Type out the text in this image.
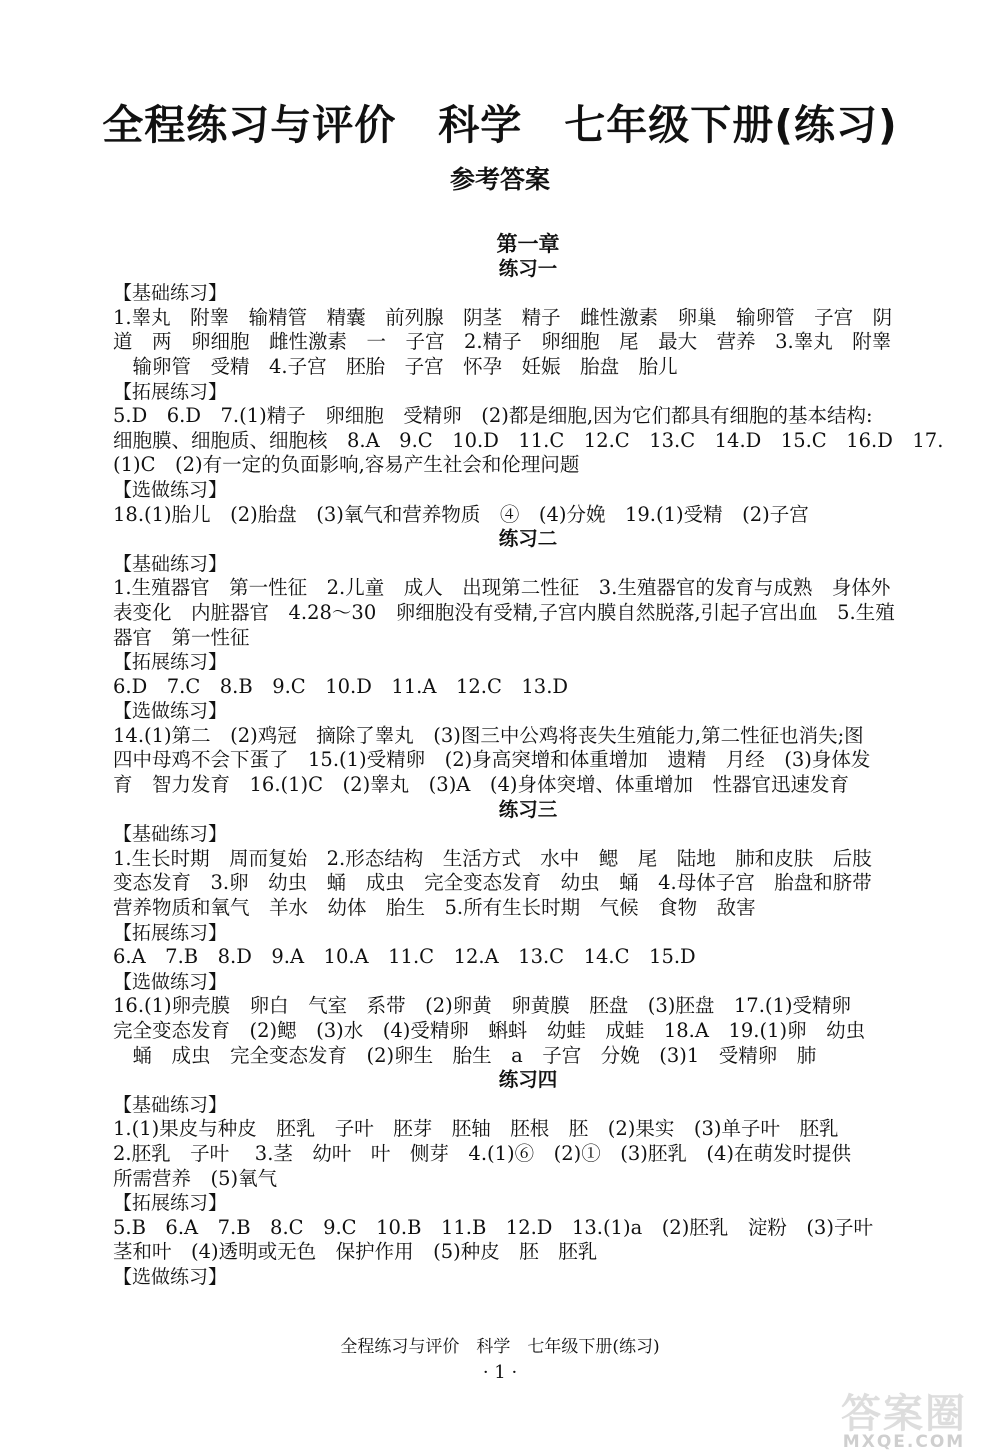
全程练习与评价　科学　七年级下册(练习)
参考答案
第一章
练习一
【基础练习】
1.睾丸　附睾　输精管　精囊　前列腺　阴茎　精子　雌性激素　卵巢　输卵管　子宫　阴
道　两　卵细胞　雌性激素　一　子宫　2.精子　卵细胞　尾　最大　营养　3.睾丸　附睾
　输卵管　受精　4.子宫　胚胎　子宫　怀孕　妊娠　胎盘　胎儿
【拓展练习】
5.D　6.D　7.(1)精子　卵细胞　受精卵　(2)都是细胞,因为它们都具有细胞的基本结构:
细胞膜、细胞质、细胞核　8.A　9.C　10.D　11.C　12.C　13.C　14.D　15.C　16.D　17.
(1)C　(2)有一定的负面影响,容易产生社会和伦理问题
【选做练习】
18.(1)胎儿　(2)胎盘　(3)氧气和营养物质　④　(4)分娩　19.(1)受精　(2)子宫
练习二
【基础练习】
1.生殖器官　第一性征　2.儿童　成人　出现第二性征　3.生殖器官的发育与成熟　身体外
表变化　内脏器官　4.28～30　卵细胞没有受精,子宫内膜自然脱落,引起子宫出血　5.生殖
器官　第一性征
【拓展练习】
6.D　7.C　8.B　9.C　10.D　11.A　12.C　13.D
【选做练习】
14.(1)第二　(2)鸡冠　摘除了睾丸　(3)图三中公鸡将丧失生殖能力,第二性征也消失;图
四中母鸡不会下蛋了　15.(1)受精卵　(2)身高突增和体重增加　遗精　月经　(3)身体发
育　智力发育　16.(1)C　(2)睾丸　(3)A　(4)身体突增、体重增加　性器官迅速发育
练习三
【基础练习】
1.生长时期　周而复始　2.形态结构　生活方式　水中　鳃　尾　陆地　肺和皮肤　后肢
变态发育　3.卵　幼虫　蛹　成虫　完全变态发育　幼虫　蛹　4.母体子宫　胎盘和脐带
营养物质和氧气　羊水　幼体　胎生　5.所有生长时期　气候　食物　敌害
【拓展练习】
6.A　7.B　8.D　9.A　10.A　11.C　12.A　13.C　14.C　15.D
【选做练习】
16.(1)卵壳膜　卵白　气室　系带　(2)卵黄　卵黄膜　胚盘　(3)胚盘　17.(1)受精卵
完全变态发育　(2)鳃　(3)水　(4)受精卵　蝌蚪　幼蛙　成蛙　18.A　19.(1)卵　幼虫
　蛹　成虫　完全变态发育　(2)卵生　胎生　a　子宫　分娩　(3)1　受精卵　肺
练习四
【基础练习】
1.(1)果皮与种皮　胚乳　子叶　胚芽　胚轴　胚根　胚　(2)果实　(3)单子叶　胚乳
2.胚乳　子叶　 3.茎　幼叶　叶　侧芽　4.(1)⑥　(2)①　(3)胚乳　(4)在萌发时提供
所需营养　(5)氧气
【拓展练习】
5.B　6.A　7.B　8.C　9.C　10.B　11.B　12.D　13.(1)a　(2)胚乳　淀粉　(3)子叶
茎和叶　(4)透明或无色　保护作用　(5)种皮　胚　胚乳
【选做练习】
全程练习与评价　科学　七年级下册(练习)
· 1 ·
答案圈
MXQE.COM
